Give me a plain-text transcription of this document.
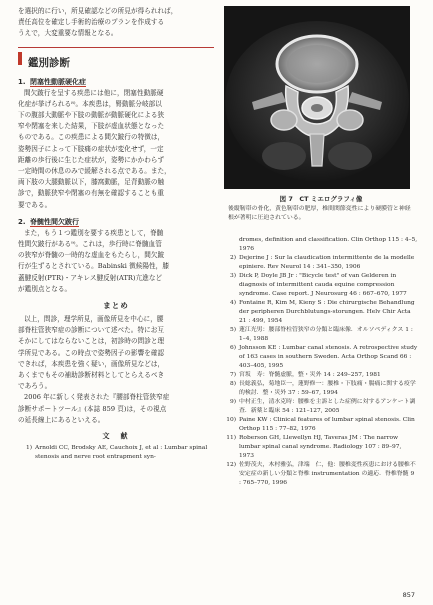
を選択的に行い，所見確認などの所見が得られれば，

責任高位を確定し手術的治療のプランを作成する

うえで，大変重要な情報となる。

鑑別診断
1. 閉塞性動脈硬化症

間欠跛行を呈する疾患には他に，閉塞性動脈硬

化症が挙げられる⁸⁾。本疾患は，腎動脈分岐部以

下の腹部大動脈や下肢の動脈が動脈硬化による狭

窄や閉塞を来した結果，下肢が虚血状態となった

ものである。この疾患による間欠跛行の特徴は，

姿勢因子によって下肢痛の症状が変化せず，一定

距離の歩行後に生じた症状が，姿勢にかかわらず

一定時間の休息のみで緩解される点である。また，

両下肢の大腿動脈以下，膝窩動脈，足背動脈の触

診で，動脈狭窄や閉塞の有無を確認することも重

要である。

2. 脊髄性間欠跛行

また，もう１つ鑑別を要する疾患として，脊髄

性間欠跛行がある⁹⁾。これは，歩行時に脊髄血管

の狭窄が脊髄の一時的な虚血をもたらし，間欠跛

行が生ずるとされている。Babinski 徴候陽性，膝

蓋腱反射(PTR)・アキレス腱反射(ATR)亢進など

が鑑別点となる。

まとめ

以上，問診，理学所見，画像所見を中心に，腰

部脊柱管狭窄症の診断について述べた。特にお互

そかにしてはならないことは，初診時の問診と理

学所見である。この時点で姿勢因子の影響を確認

できれば，本疾患を強く疑い，画像所見などは，

あくまでもその補助診断材料としてとらえるべき

であろう。

2006 年に新しく発表された『腰部脊柱管狭窄症

診断サポートツール』(本誌 859 頁)は，その視点

の延長線上にあるといえる。

文　献
1) Arnoldi CC, Brodsky AE, Cauchoix J, et al : Lumbar spinal stenosis and nerve root entrapment syn-
図 7　CT ミエログラフィ像
後縦靭帯の骨化，黄色靭帯の肥厚，椎間関節変性により硬膜管と神経根が著明に圧迫されている。
dromes, definition and classification. Clin Orthop 115 : 4–5, 1976
2) Dejerine J : Sur la claudication intermittente de la modelle epiniere. Rev Neurol 14 : 341–350, 1906
3) Dick P, Doyle JB Jr : "Bicycle test" of van Gelderen in diagnosis of intermittent cauda equine compression syndrome. Case report. J Neurosurg 46 : 667–670, 1977
4) Fontaine R, Kim M, Kieny S : Die chirurgische Behandlung der peripheren Durchblutungs-storungen. Helv Chir Acta 21 : 499, 1954
5) 蓮江光男：腰部脊柱管狭窄の分類と臨床像．オルソペディクス 1 : 1–4, 1988
6) Johnsson KE : Lumbar canal stenosis. A retrospective study of 163 cases in southern Sweden. Acta Orthop Scand 66 : 403–405, 1995
7) 宮坂　寿：脊髄虚脈，整・災外 14 : 249–257, 1981
8) 長総義弘，菊地臣一，蓮野修一：腰椎・下肢痛・腸痛に関する疫学的検討．整・災外 37 : 59–67, 1994
9) 中村正生，清水克時：腰椎を主訴とした症例に対するアンケート調査．新薬と臨床 54 : 121–127, 2005
10) Paine KW : Clinical features of lumbar spinal stenosis. Clin Orthop 115 : 77–82, 1976
11) Roberson GH, Llewellyn HJ, Taveras JM : The narrow lumbar spinal canal syndrome. Radiology 107 : 89–97, 1973
12) 佐野茂夫，木村雅弘，津端　仁，他：腰椎変性疾患における腰椎不安定症の新しい分類と脊椎 instrumentation の適応．脊椎脊髄 9 : 765–770, 1996
857
